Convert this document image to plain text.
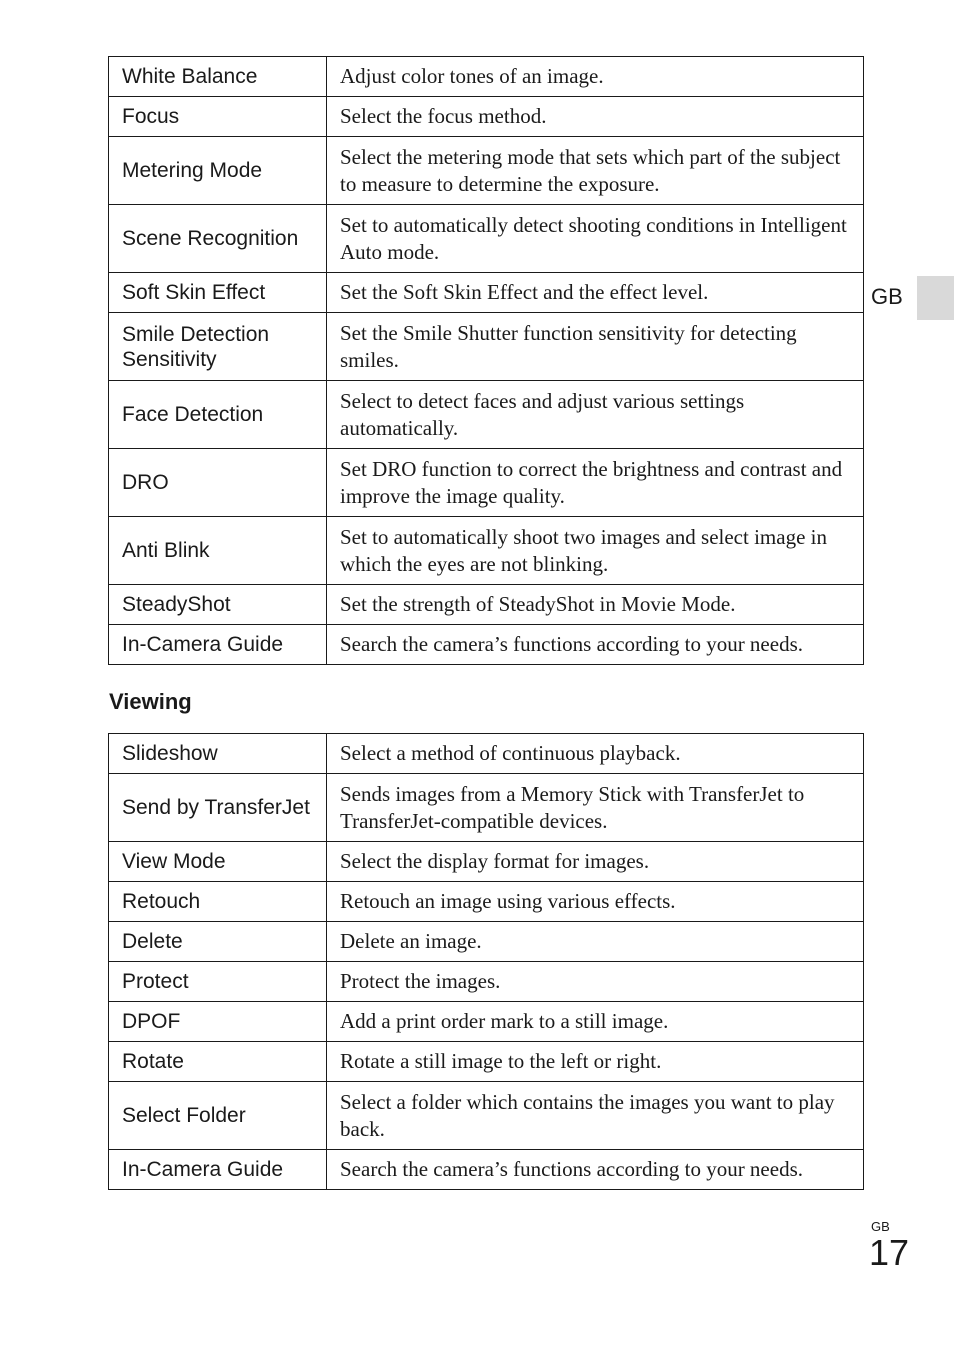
White Balance	Adjust color tones of an image.
Focus	Select the focus method.
Metering Mode	Select the metering mode that sets which part of the subject to measure to determine the exposure.
Scene Recognition	Set to automatically detect shooting conditions in Intelligent Auto mode.
Soft Skin Effect	Set the Soft Skin Effect and the effect level.
Smile Detection Sensitivity	Set the Smile Shutter function sensitivity for detecting smiles.
Face Detection	Select to detect faces and adjust various settings automatically.
DRO	Set DRO function to correct the brightness and contrast and improve the image quality.
Anti Blink	Set to automatically shoot two images and select image in which the eyes are not blinking.
SteadyShot	Set the strength of SteadyShot in Movie Mode.
In-Camera Guide	Search the camera’s functions according to your needs.
Viewing
Slideshow	Select a method of continuous playback.
Send by TransferJet	Sends images from a Memory Stick with TransferJet to TransferJet-compatible devices.
View Mode	Select the display format for images.
Retouch	Retouch an image using various effects.
Delete	Delete an image.
Protect	Protect the images.
DPOF	Add a print order mark to a still image.
Rotate	Rotate a still image to the left or right.
Select Folder	Select a folder which contains the images you want to play back.
In-Camera Guide	Search the camera’s functions according to your needs.
GB
GB
17
